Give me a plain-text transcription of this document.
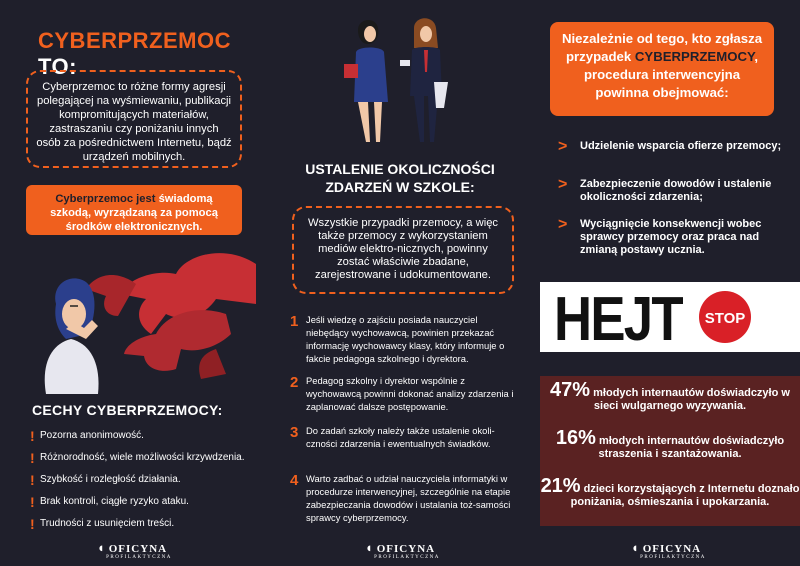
CYBERPRZEMOC TO:
Cyberprzemoc to różne formy agresji polegającej na wyśmiewaniu, publikacji kompromitujących materiałów, zastraszaniu czy poniżaniu innych osób za pośrednictwem Internetu, bądź urządzeń mobilnych.
Cyberprzemoc jest świadomą szkodą, wyrządzaną za pomocą środków elektronicznych.
CECHY CYBERPRZEMOCY:
! Pozorna anonimowość.
! Różnorodność, wiele możliwości krzywdzenia.
! Szybkość i rozległość działania.
! Brak kontroli, ciągłe ryzyko ataku.
! Trudności z usunięciem treści.
◖ OFICYNA
PROFILAKTYCZNA
USTALENIE OKOLICZNOŚCI
ZDARZEŃ W SZKOLE:
Wszystkie przypadki przemocy, a więc także przemocy z wykorzystaniem mediów elektro-nicznych, powinny zostać właściwie zbadane, zarejestrowane i udokumentowane.
1 Jeśli wiedzę o zajściu posiada nauczyciel niebędący wychowawcą, powinien przekazać informację wychowawcy klasy, który informuje o fakcie pedagoga szkolnego i dyrektora.
2 Pedagog szkolny i dyrektor wspólnie z wychowawcą powinni dokonać analizy zdarzenia i zaplanować dalsze postępowanie.
3 Do zadań szkoły należy także ustalenie okoli-czności zdarzenia i ewentualnych świadków.
4 Warto zadbać o udział nauczyciela informatyki w procedurze interwencyjnej, szczególnie na etapie zabezpieczania dowodów i ustalania toż-samości sprawcy cyberprzemocy.
◖ OFICYNA
PROFILAKTYCZNA
Niezależnie od tego, kto zgłasza przypadek CYBERPRZEMOCY, procedura interwencyjna powinna obejmować:
> Udzielenie wsparcia ofierze przemocy;
> Zabezpieczenie dowodów i ustalenie okoliczności zdarzenia;
> Wyciągnięcie konsekwencji wobec sprawcy przemocy oraz praca nad zmianą postawy ucznia.
HEJT STOP
47% młodych internautów doświadczyło w sieci wulgarnego wyzywania.
16% młodych internautów doświadczyło straszenia i szantażowania.
21% dzieci korzystających z Internetu doznało poniżania, ośmieszania i upokarzania.
◖ OFICYNA
PROFILAKTYCZNA
